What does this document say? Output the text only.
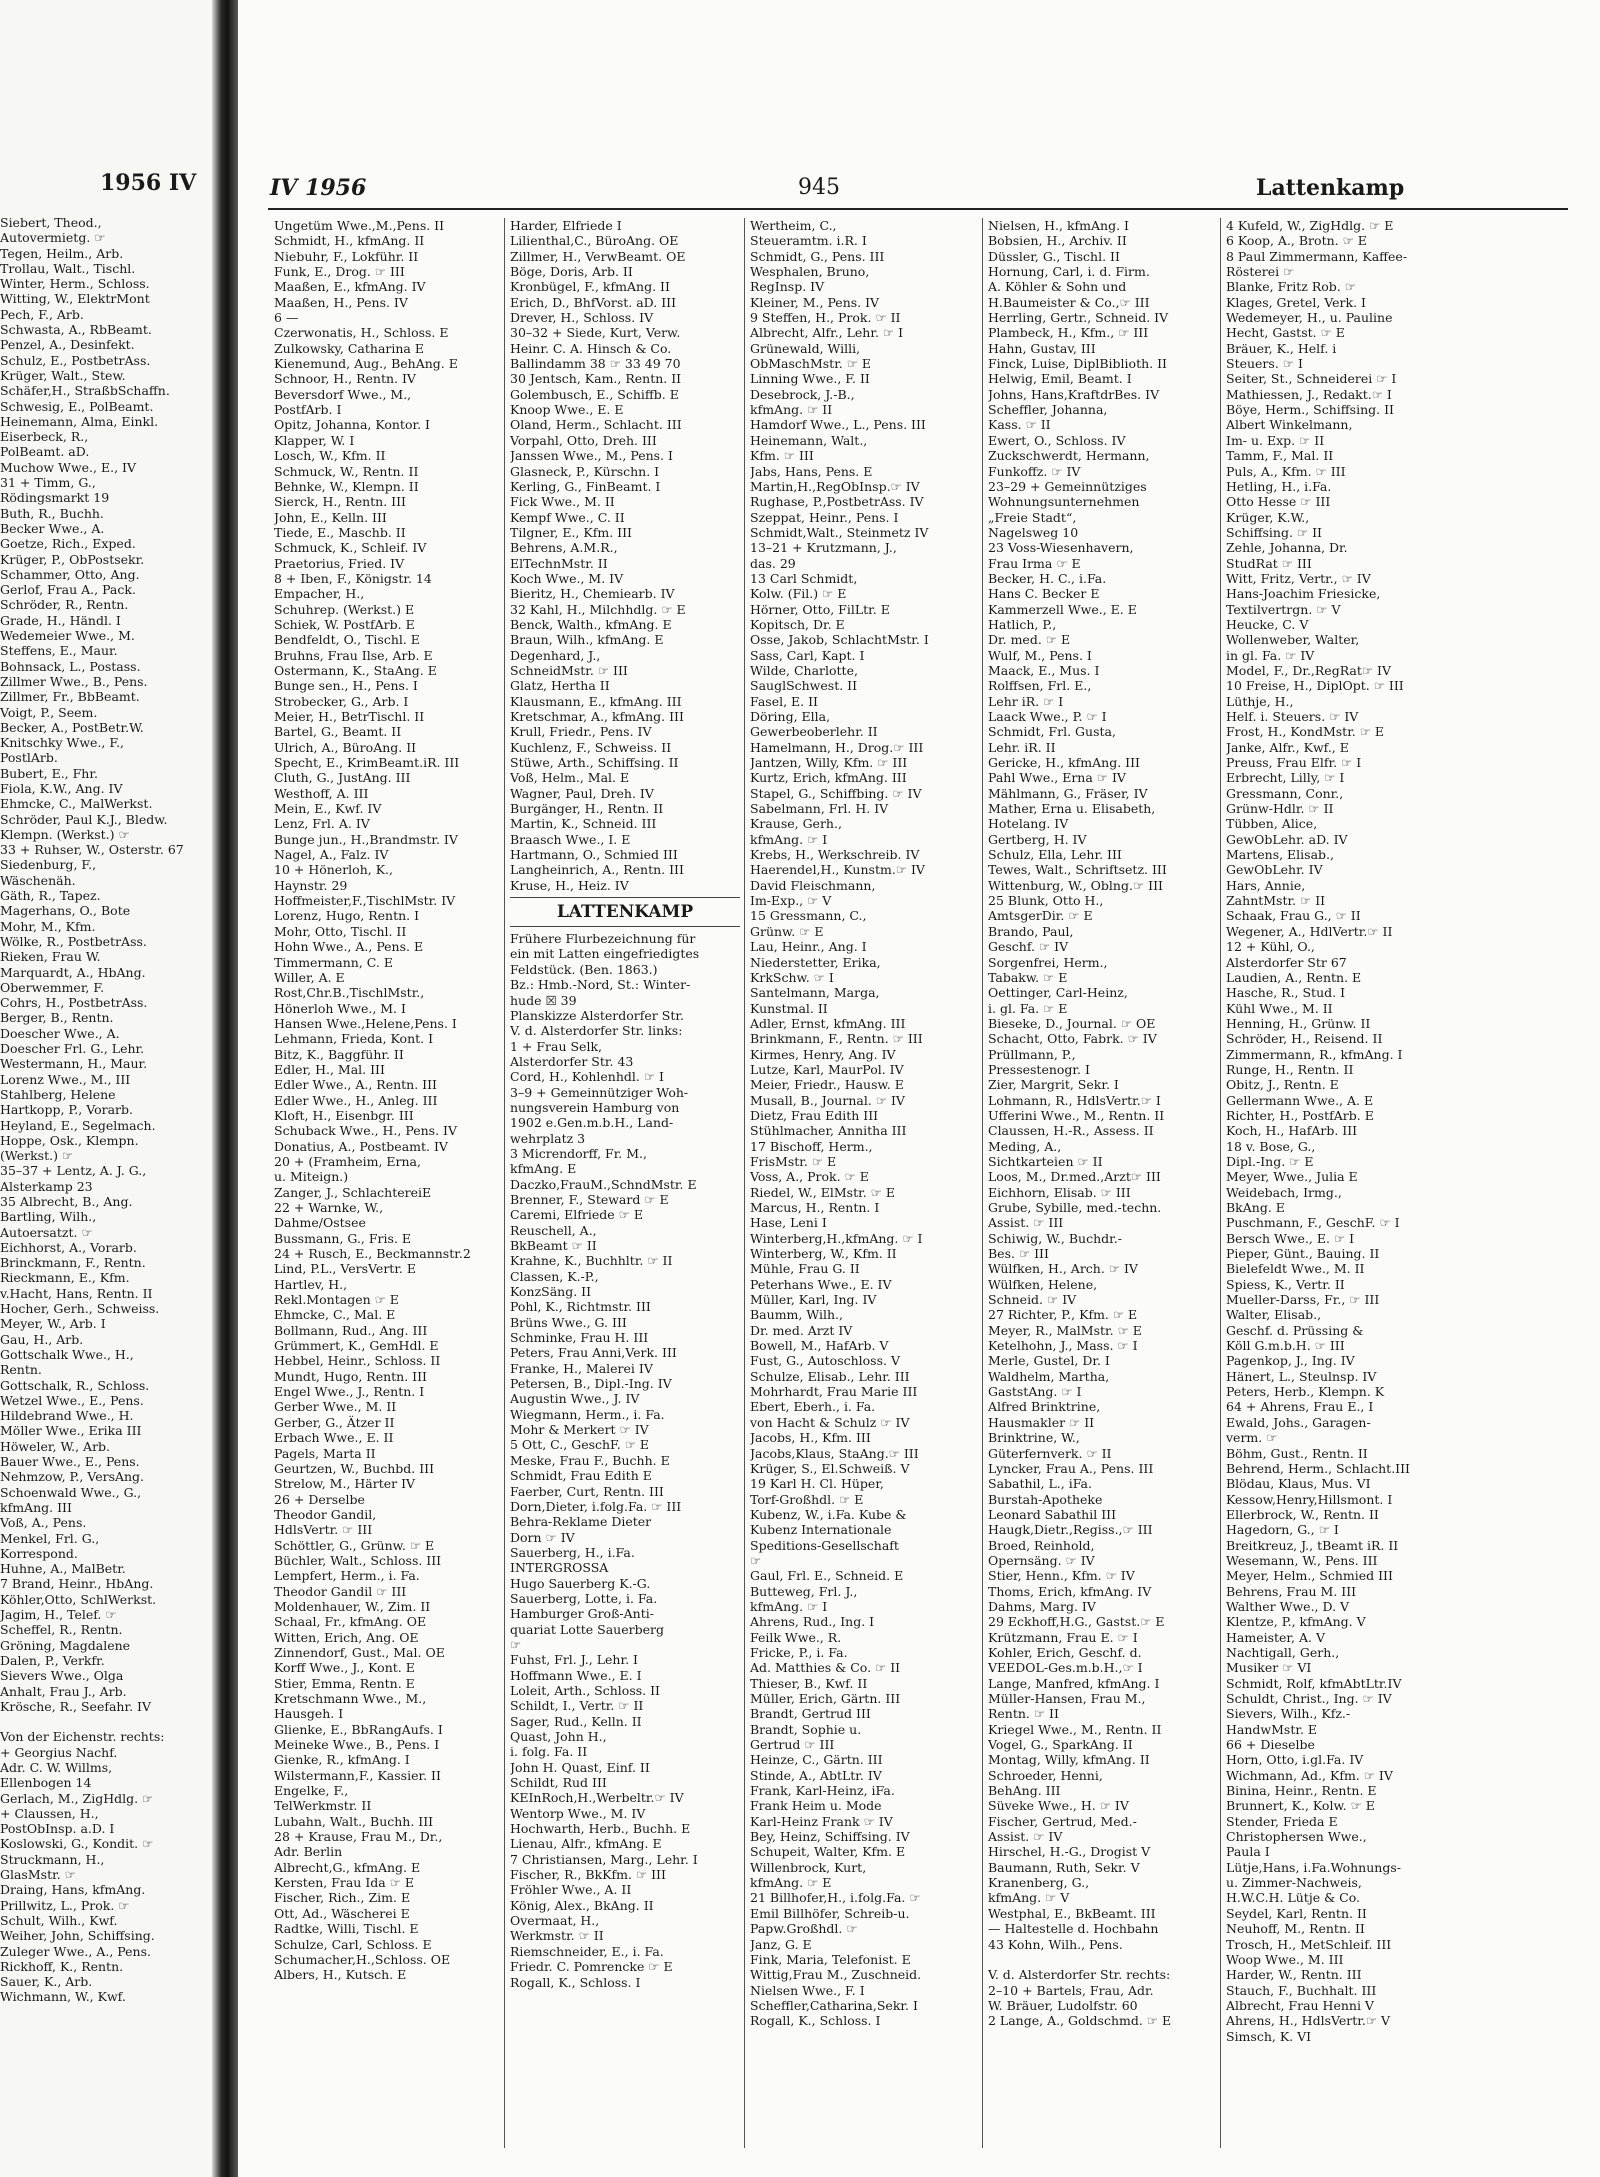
1956 IV
Siebert, Theod.,
Autovermietg. ☞
Tegen, Heilm., Arb.
Trollau, Walt., Tischl.
Winter, Herm., Schloss.
Witting, W., ElektrMont
Pech, F., Arb.
Schwasta, A., RbBeamt.
Penzel, A., Desinfekt.
Schulz, E., PostbetrAss.
Krüger, Walt., Stew.
Schäfer,H., StraßbSchaffn.
Schwesig, E., PolBeamt.
Heinemann, Alma, Einkl.
Eiserbeck, R.,
PolBeamt. aD.
Muchow Wwe., E., IV
31 + Timm, G.,
Rödingsmarkt 19
Buth, R., Buchh.
Becker Wwe., A.
Goetze, Rich., Exped.
Krüger, P., ObPostsekr.
Schammer, Otto, Ang.
Gerlof, Frau A., Pack.
Schröder, R., Rentn.
Grade, H., Händl. I
Wedemeier Wwe., M.
Steffens, E., Maur.
Bohnsack, L., Postass.
Zillmer Wwe., B., Pens.
Zillmer, Fr., BbBeamt.
Voigt, P., Seem.
Becker, A., PostBetr.W.
Knitschky Wwe., F.,
PostlArb.
Bubert, E., Fhr.
Fiola, K.W., Ang. IV
Ehmcke, C., MalWerkst.
Schröder, Paul K.J., Bledw.
Klempn. (Werkst.) ☞
33 + Ruhser, W., Osterstr. 67
Siedenburg, F.,
Wäschenäh.
Gäth, R., Tapez.
Magerhans, O., Bote
Mohr, M., Kfm.
Wölke, R., PostbetrAss.
Rieken, Frau W.
Marquardt, A., HbAng.
Oberwemmer, F.
Cohrs, H., PostbetrAss.
Berger, B., Rentn.
Doescher Wwe., A.
Doescher Frl. G., Lehr.
Westermann, H., Maur.
Lorenz Wwe., M., III
Stahlberg, Helene
Hartkopp, P., Vorarb.
Heyland, E., Segelmach.
Hoppe, Osk., Klempn.
(Werkst.) ☞
35–37 + Lentz, A. J. G.,
Alsterkamp 23
35 Albrecht, B., Ang.
Bartling, Wilh.,
Autoersatzt. ☞
Eichhorst, A., Vorarb.
Brinckmann, F., Rentn.
Rieckmann, E., Kfm.
v.Hacht, Hans, Rentn. II
Hocher, Gerh., Schweiss.
Meyer, W., Arb. I
Gau, H., Arb.
Gottschalk Wwe., H.,
Rentn.
Gottschalk, R., Schloss.
Wetzel Wwe., E., Pens.
Hildebrand Wwe., H.
Möller Wwe., Erika III
Höweler, W., Arb.
Bauer Wwe., E., Pens.
Nehmzow, P., VersAng.
Schoenwald Wwe., G.,
kfmAng. III
Voß, A., Pens.
Menkel, Frl. G.,
Korrespond.
Huhne, A., MalBetr.
7 Brand, Heinr., HbAng.
Köhler,Otto, SchlWerkst.
Jagim, H., Telef. ☞
Scheffel, R., Rentn.
Gröning, Magdalene
Dalen, P., Verkfr.
Sievers Wwe., Olga
Anhalt, Frau J., Arb.
Krösche, R., Seefahr. IV

Von der Eichenstr. rechts:
+ Georgius Nachf.
Adr. C. W. Willms,
Ellenbogen 14
Gerlach, M., ZigHdlg. ☞
+ Claussen, H.,
PostObInsp. a.D. I
Koslowski, G., Kondit. ☞
Struckmann, H.,
GlasMstr. ☞
Draing, Hans, kfmAng.
Prillwitz, L., Prok. ☞
Schult, Wilh., Kwf.
Weiher, John, Schiffsing.
Zuleger Wwe., A., Pens.
Rickhoff, K., Rentn.
Sauer, K., Arb.
Wichmann, W., Kwf.
IV 1956	945	Lattenkamp
Ungetüm Wwe.,M.,Pens. II
Schmidt, H., kfmAng. II
Niebuhr, F., Lokführ. II
Funk, E., Drog. ☞ III
Maaßen, E., kfmAng. IV
Maaßen, H., Pens. IV
6 —
Czerwonatis, H., Schloss. E
Zulkowsky, Catharina E
Kienemund, Aug., BehAng. E
Schnoor, H., Rentn. IV
Beversdorf Wwe., M.,
PostfArb. I
Opitz, Johanna, Kontor. I
Klapper, W. I
Losch, W., Kfm. II
Schmuck, W., Rentn. II
Behnke, W., Klempn. II
Sierck, H., Rentn. III
John, E., Kelln. III
Tiede, E., Maschb. II
Schmuck, K., Schleif. IV
Praetorius, Fried. IV
8 + Iben, F., Königstr. 14
Empacher, H.,
Schuhrep. (Werkst.) E
Schiek, W. PostfArb. E
Bendfeldt, O., Tischl. E
Bruhns, Frau Ilse, Arb. E
Ostermann, K., StaAng. E
Bunge sen., H., Pens. I
Strobecker, G., Arb. I
Meier, H., BetrTischl. II
Bartel, G., Beamt. II
Ulrich, A., BüroAng. II
Specht, E., KrimBeamt.iR. III
Cluth, G., JustAng. III
Westhoff, A. III
Mein, E., Kwf. IV
Lenz, Frl. A. IV
Bunge jun., H.,Brandmstr. IV
Nagel, A., Falz. IV
10 + Hönerloh, K.,
Haynstr. 29
Hoffmeister,F.,TischlMstr. IV
Lorenz, Hugo, Rentn. I
Mohr, Otto, Tischl. II
Hohn Wwe., A., Pens. E
Timmermann, C. E
Willer, A. E
Rost,Chr.B.,TischlMstr.,
Hönerloh Wwe., M. I
Hansen Wwe.,Helene,Pens. I
Lehmann, Frieda, Kont. I
Bitz, K., Baggführ. II
Edler, H., Mal. III
Edler Wwe., A., Rentn. III
Edler Wwe., H., Anleg. III
Kloft, H., Eisenbgr. III
Schuback Wwe., H., Pens. IV
Donatius, A., Postbeamt. IV
20 + (Framheim, Erna,
u. Miteign.)
Zanger, J., SchlachtereiE
22 + Warnke, W.,
Dahme/Ostsee
Bussmann, G., Fris. E
24 + Rusch, E., Beckmannstr.2
Lind, P.L., VersVertr. E
Hartlev, H.,
Rekl.Montagen ☞ E
Ehmcke, C., Mal. E
Bollmann, Rud., Ang. III
Grümmert, K., GemHdl. E
Hebbel, Heinr., Schloss. II
Mundt, Hugo, Rentn. III
Engel Wwe., J., Rentn. I
Gerber Wwe., M. II
Gerber, G., Ätzer II
Erbach Wwe., E. II
Pagels, Marta II
Geurtzen, W., Buchbd. III
Strelow, M., Härter IV
26 + Derselbe
Theodor Gandil,
HdlsVertr. ☞ III
Schöttler, G., Grünw. ☞ E
Büchler, Walt., Schloss. III
Lempfert, Herm., i. Fa.
Theodor Gandil ☞ III
Moldenhauer, W., Zim. II
Schaal, Fr., kfmAng. OE
Witten, Erich, Ang. OE
Zinnendorf, Gust., Mal. OE
Korff Wwe., J., Kont. E
Stier, Emma, Rentn. E
Kretschmann Wwe., M.,
Hausgeh. I
Glienke, E., BbRangAufs. I
Meineke Wwe., B., Pens. I
Gienke, R., kfmAng. I
Wilstermann,F., Kassier. II
Engelke, F.,
TelWerkmstr. II
Lubahn, Walt., Buchh. III
28 + Krause, Frau M., Dr.,
Adr. Berlin
Albrecht,G., kfmAng. E
Kersten, Frau Ida ☞ E
Fischer, Rich., Zim. E
Ott, Ad., Wäscherei E
Radtke, Willi, Tischl. E
Schulze, Carl, Schloss. E
Schumacher,H.,Schloss. OE
Albers, H., Kutsch. E
Harder, Elfriede I
Lilienthal,C., BüroAng. OE
Zillmer, H., VerwBeamt. OE
Böge, Doris, Arb. II
Kronbügel, F., kfmAng. II
Erich, D., BhfVorst. aD. III
Drever, H., Schloss. IV
30–32 + Siede, Kurt, Verw.
Heinr. C. A. Hinsch & Co.
Ballindamm 38 ☞ 33 49 70
30 Jentsch, Kam., Rentn. II
Golembusch, E., Schiffb. E
Knoop Wwe., E. E
Oland, Herm., Schlacht. III
Vorpahl, Otto, Dreh. III
Janssen Wwe., M., Pens. I
Glasneck, P., Kürschn. I
Kerling, G., FinBeamt. I
Fick Wwe., M. II
Kempf Wwe., C. II
Tilgner, E., Kfm. III
Behrens, A.M.R.,
ElTechnMstr. II
Koch Wwe., M. IV
Bieritz, H., Chemiearb. IV
32 Kahl, H., Milchhdlg. ☞ E
Benck, Walth., kfmAng. E
Braun, Wilh., kfmAng. E
Degenhard, J.,
SchneidMstr. ☞ III
Glatz, Hertha II
Klausmann, E., kfmAng. III
Kretschmar, A., kfmAng. III
Krull, Friedr., Pens. IV
Kuchlenz, F., Schweiss. II
Stüwe, Arth., Schiffsing. II
Voß, Helm., Mal. E
Wagner, Paul, Dreh. IV
Burgänger, H., Rentn. II
Martin, K., Schneid. III
Braasch Wwe., I. E
Hartmann, O., Schmied III
Langheinrich, A., Rentn. III
Kruse, H., Heiz. IV
LATTENKAMP
Frühere Flurbezeichnung für
ein mit Latten eingefriedigtes
Feldstück. (Ben. 1863.)
Bz.: Hmb.-Nord, St.: Winter-
hude ☒ 39
Planskizze Alsterdorfer Str.
V. d. Alsterdorfer Str. links:
1 + Frau Selk,
Alsterdorfer Str. 43
Cord, H., Kohlenhdl. ☞ I
3–9 + Gemeinnütziger Woh-
nungsverein Hamburg von
1902 e.Gen.m.b.H., Land-
wehrplatz 3
3 Micrendorff, Fr. M.,
kfmAng. E
Daczko,FrauM.,SchndMstr. E
Brenner, F., Steward ☞ E
Caremi, Elfriede ☞ E
Reuschell, A.,
BkBeamt ☞ II
Krahne, K., Buchhltr. ☞ II
Classen, K.-P.,
KonzSäng. II
Pohl, K., Richtmstr. III
Brüns Wwe., G. III
Schminke, Frau H. III
Peters, Frau Anni,Verk. III
Franke, H., Malerei IV
Petersen, B., Dipl.-Ing. IV
Augustin Wwe., J. IV
Wiegmann, Herm., i. Fa.
Mohr & Merkert ☞ IV
5 Ott, C., GeschF. ☞ E
Meske, Frau F., Buchh. E
Schmidt, Frau Edith E
Faerber, Curt, Rentn. III
Dorn,Dieter, i.folg.Fa. ☞ III
Behra-Reklame Dieter
Dorn ☞ IV
Sauerberg, H., i.Fa.
INTERGROSSA
Hugo Sauerberg K.-G.
Sauerberg, Lotte, i. Fa.
Hamburger Groß-Anti-
quariat Lotte Sauerberg
☞
Fuhst, Frl. J., Lehr. I
Hoffmann Wwe., E. I
Loleit, Arth., Schloss. II
Schildt, I., Vertr. ☞ II
Sager, Rud., Kelln. II
Quast, John H.,
i. folg. Fa. II
John H. Quast, Einf. II
Schildt, Rud III
KEInRoch,H.,Werbeltr.☞ IV
Wentorp Wwe., M. IV
Hochwarth, Herb., Buchh. E
Lienau, Alfr., kfmAng. E
7 Christiansen, Marg., Lehr. I
Fischer, R., BkKfm. ☞ III
Fröhler Wwe., A. II
König, Alex., BkAng. II
Overmaat, H.,
Werkmstr. ☞ II
Riemschneider, E., i. Fa.
Friedr. C. Pomrencke ☞ E
Rogall, K., Schloss. I
Wertheim, C.,
Steueramtm. i.R. I
Schmidt, G., Pens. III
Wesphalen, Bruno,
RegInsp. IV
Kleiner, M., Pens. IV
9 Steffen, H., Prok. ☞ II
Albrecht, Alfr., Lehr. ☞ I
Grünewald, Willi,
ObMaschMstr. ☞ E
Linning Wwe., F. II
Desebrock, J.-B.,
kfmAng. ☞ II
Hamdorf Wwe., L., Pens. III
Heinemann, Walt.,
Kfm. ☞ III
Jabs, Hans, Pens. E
Martin,H.,RegObInsp.☞ IV
Rughase, P.,PostbetrAss. IV
Szeppat, Heinr., Pens. I
Schmidt,Walt., Steinmetz IV
13–21 + Krutzmann, J.,
das. 29
13 Carl Schmidt,
Kolw. (Fil.) ☞ E
Hörner, Otto, FilLtr. E
Kopitsch, Dr. E
Osse, Jakob, SchlachtMstr. I
Sass, Carl, Kapt. I
Wilde, Charlotte,
SauglSchwest. II
Fasel, E. II
Döring, Ella,
Gewerbeoberlehr. II
Hamelmann, H., Drog.☞ III
Jantzen, Willy, Kfm. ☞ III
Kurtz, Erich, kfmAng. III
Stapel, G., Schiffbing. ☞ IV
Sabelmann, Frl. H. IV
Krause, Gerh.,
kfmAng. ☞ I
Krebs, H., Werkschreib. IV
Haerendel,H., Kunstm.☞ IV
David Fleischmann,
Im-Exp., ☞ V
15 Gressmann, C.,
Grünw. ☞ E
Lau, Heinr., Ang. I
Niederstetter, Erika,
KrkSchw. ☞ I
Santelmann, Marga,
Kunstmal. II
Adler, Ernst, kfmAng. III
Brinkmann, F., Rentn. ☞ III
Kirmes, Henry, Ang. IV
Lutze, Karl, MaurPol. IV
Meier, Friedr., Hausw. E
Musall, B., Journal. ☞ IV
Dietz, Frau Edith III
Stühlmacher, Annitha III
17 Bischoff, Herm.,
FrisMstr. ☞ E
Voss, A., Prok. ☞ E
Riedel, W., ElMstr. ☞ E
Marcus, H., Rentn. I
Hase, Leni I
Winterberg,H.,kfmAng. ☞ I
Winterberg, W., Kfm. II
Mühle, Frau G. II
Peterhans Wwe., E. IV
Müller, Karl, Ing. IV
Baumm, Wilh.,
Dr. med. Arzt IV
Bowell, M., HafArb. V
Fust, G., Autoschloss. V
Schulze, Elisab., Lehr. III
Mohrhardt, Frau Marie III
Ebert, Eberh., i. Fa.
von Hacht & Schulz ☞ IV
Jacobs, H., Kfm. III
Jacobs,Klaus, StaAng.☞ III
Krüger, S., El.Schweiß. V
19 Karl H. Cl. Hüper,
Torf-Großhdl. ☞ E
Kubenz, W., i.Fa. Kube &
Kubenz Internationale
Speditions-Gesellschaft
☞
Gaul, Frl. E., Schneid. E
Butteweg, Frl. J.,
kfmAng. ☞ I
Ahrens, Rud., Ing. I
Feilk Wwe., R.
Fricke, P., i. Fa.
Ad. Matthies & Co. ☞ II
Thieser, B., Kwf. II
Müller, Erich, Gärtn. III
Brandt, Gertrud III
Brandt, Sophie u.
Gertrud ☞ III
Heinze, C., Gärtn. III
Stinde, A., AbtLtr. IV
Frank, Karl-Heinz, iFa.
Frank Heim u. Mode
Karl-Heinz Frank ☞ IV
Bey, Heinz, Schiffsing. IV
Schupeit, Walter, Kfm. E
Willenbrock, Kurt,
kfmAng. ☞ E
21 Billhofer,H., i.folg.Fa. ☞
Emil Billhöfer, Schreib-u.
Papw.Großhdl. ☞
Janz, G. E
Fink, Maria, Telefonist. E
Wittig,Frau M., Zuschneid.
Nielsen Wwe., F. I
Scheffler,Catharina,Sekr. I
Rogall, K., Schloss. I
Nielsen, H., kfmAng. I
Bobsien, H., Archiv. II
Düssler, G., Tischl. II
Hornung, Carl, i. d. Firm.
A. Köhler & Sohn und
H.Baumeister & Co.,☞ III
Herrling, Gertr., Schneid. IV
Plambeck, H., Kfm., ☞ III
Hahn, Gustav, III
Finck, Luise, DiplBiblioth. II
Helwig, Emil, Beamt. I
Johns, Hans,KraftdrBes. IV
Scheffler, Johanna,
Kass. ☞ II
Ewert, O., Schloss. IV
Zuckschwerdt, Hermann,
Funkoffz. ☞ IV
23–29 + Gemeinnütziges
Wohnungsunternehmen
„Freie Stadt“,
Nagelsweg 10
23 Voss-Wiesenhavern,
Frau Irma ☞ E
Becker, H. C., i.Fa.
Hans C. Becker E
Kammerzell Wwe., E. E
Hatlich, P.,
Dr. med. ☞ E
Wulf, M., Pens. I
Maack, E., Mus. I
Rolffsen, Frl. E.,
Lehr iR. ☞ I
Laack Wwe., P. ☞ I
Schmidt, Frl. Gusta,
Lehr. iR. II
Gericke, H., kfmAng. III
Pahl Wwe., Erna ☞ IV
Mählmann, G., Fräser, IV
Mather, Erna u. Elisabeth,
Hotelang. IV
Gertberg, H. IV
Schulz, Ella, Lehr. III
Tewes, Walt., Schriftsetz. III
Wittenburg, W., Oblng.☞ III
25 Blunk, Otto H.,
AmtsgerDir. ☞ E
Brando, Paul,
Geschf. ☞ IV
Sorgenfrei, Herm.,
Tabakw. ☞ E
Oettinger, Carl-Heinz,
i. gl. Fa. ☞ E
Bieseke, D., Journal. ☞ OE
Schacht, Otto, Fabrk. ☞ IV
Prüllmann, P.,
Pressestenogr. I
Zier, Margrit, Sekr. I
Lohmann, R., HdlsVertr.☞ I
Ufferini Wwe., M., Rentn. II
Claussen, H.-R., Assess. II
Meding, A.,
Sichtkarteien ☞ II
Loos, M., Dr.med.,Arzt☞ III
Eichhorn, Elisab. ☞ III
Grube, Sybille, med.-techn.
Assist. ☞ III
Schiwig, W., Buchdr.-
Bes. ☞ III
Wülfken, H., Arch. ☞ IV
Wülfken, Helene,
Schneid. ☞ IV
27 Richter, P., Kfm. ☞ E
Meyer, R., MalMstr. ☞ E
Ketelhohn, J., Mass. ☞ I
Merle, Gustel, Dr. I
Waldhelm, Martha,
GaststAng. ☞ I
Alfred Brinktrine,
Hausmakler ☞ II
Brinktrine, W.,
Güterfernverk. ☞ II
Lyncker, Frau A., Pens. III
Sabathil, L., iFa.
Burstah-Apotheke
Leonard Sabathil III
Haugk,Dietr.,Regiss.,☞ III
Broed, Reinhold,
Opernsäng. ☞ IV
Stier, Henn., Kfm. ☞ IV
Thoms, Erich, kfmAng. IV
Dahms, Marg. IV
29 Eckhoff,H.G., Gastst.☞ E
Krützmann, Frau E. ☞ I
Kohler, Erich, Geschf. d.
VEEDOL-Ges.m.b.H.,☞ I
Lange, Manfred, kfmAng. I
Müller-Hansen, Frau M.,
Rentn. ☞ II
Kriegel Wwe., M., Rentn. II
Vogel, G., SparkAng. II
Montag, Willy, kfmAng. II
Schroeder, Henni,
BehAng. III
Süveke Wwe., H. ☞ IV
Fischer, Gertrud, Med.-
Assist. ☞ IV
Hirschel, H.-G., Drogist V
Baumann, Ruth, Sekr. V
Kranenberg, G.,
kfmAng. ☞ V
Westphal, E., BkBeamt. III
— Haltestelle d. Hochbahn
43 Kohn, Wilh., Pens.

V. d. Alsterdorfer Str. rechts:
2–10 + Bartels, Frau, Adr.
W. Bräuer, Ludolfstr. 60
2 Lange, A., Goldschmd. ☞ E
4 Kufeld, W., ZigHdlg. ☞ E
6 Koop, A., Brotn. ☞ E
8 Paul Zimmermann, Kaffee-
Rösterei ☞
Blanke, Fritz Rob. ☞
Klages, Gretel, Verk. I
Wedemeyer, H., u. Pauline
Hecht, Gastst. ☞ E
Bräuer, K., Helf. i
Steuers. ☞ I
Seiter, St., Schneiderei ☞ I
Mathiessen, J., Redakt.☞ I
Böye, Herm., Schiffsing. II
Albert Winkelmann,
Im- u. Exp. ☞ II
Tamm, F., Mal. II
Puls, A., Kfm. ☞ III
Hetling, H., i.Fa.
Otto Hesse ☞ III
Krüger, K.W.,
Schiffsing. ☞ II
Zehle, Johanna, Dr.
StudRat ☞ III
Witt, Fritz, Vertr., ☞ IV
Hans-Joachim Friesicke,
Textilvertrgn. ☞ V
Heucke, C. V
Wollenweber, Walter,
in gl. Fa. ☞ IV
Model, F., Dr.,RegRat☞ IV
10 Freise, H., DiplOpt. ☞ III
Lüthje, H.,
Helf. i. Steuers. ☞ IV
Frost, H., KondMstr. ☞ E
Janke, Alfr., Kwf., E
Preuss, Frau Elfr. ☞ I
Erbrecht, Lilly, ☞ I
Gressmann, Conr.,
Grünw-Hdlr. ☞ II
Tübben, Alice,
GewObLehr. aD. IV
Martens, Elisab.,
GewObLehr. IV
Hars, Annie,
ZahntMstr. ☞ II
Schaak, Frau G., ☞ II
Wegener, A., HdlVertr.☞ II
12 + Kühl, O.,
Alsterdorfer Str 67
Laudien, A., Rentn. E
Hasche, R., Stud. I
Kühl Wwe., M. II
Henning, H., Grünw. II
Schröder, H., Reisend. II
Zimmermann, R., kfmAng. I
Runge, H., Rentn. II
Obitz, J., Rentn. E
Gellermann Wwe., A. E
Richter, H., PostfArb. E
Koch, H., HafArb. III
18 v. Bose, G.,
Dipl.-Ing. ☞ E
Meyer, Wwe., Julia E
Weidebach, Irmg.,
BkAng. E
Puschmann, F., GeschF. ☞ I
Bersch Wwe., E. ☞ I
Pieper, Günt., Bauing. II
Bielefeldt Wwe., M. II
Spiess, K., Vertr. II
Mueller-Darss, Fr., ☞ III
Walter, Elisab.,
Geschf. d. Prüssing &
Köll G.m.b.H. ☞ III
Pagenkop, J., Ing. IV
Hänert, L., Steulnsp. IV
Peters, Herb., Klempn. K
64 + Ahrens, Frau E., I
Ewald, Johs., Garagen-
verm. ☞
Böhm, Gust., Rentn. II
Behrend, Herm., Schlacht.III
Blödau, Klaus, Mus. VI
Kessow,Henry,Hillsmont. I
Ellerbrock, W., Rentn. II
Hagedorn, G., ☞ I
Breitkreuz, J., tBeamt iR. II
Wesemann, W., Pens. III
Meyer, Helm., Schmied III
Behrens, Frau M. III
Walther Wwe., D. V
Klentze, P., kfmAng. V
Hameister, A. V
Nachtigall, Gerh.,
Musiker ☞ VI
Schmidt, Rolf, kfmAbtLtr.IV
Schuldt, Christ., Ing. ☞ IV
Sievers, Wilh., Kfz.-
HandwMstr. E
66 + Dieselbe
Horn, Otto, i.gl.Fa. IV
Wichmann, Ad., Kfm. ☞ IV
Binina, Heinr., Rentn. E
Brunnert, K., Kolw. ☞ E
Stender, Frieda E
Christophersen Wwe.,
Paula I
Lütje,Hans, i.Fa.Wohnungs-
u. Zimmer-Nachweis,
H.W.C.H. Lütje & Co.
Seydel, Karl, Rentn. II
Neuhoff, M., Rentn. II
Trosch, H., MetSchleif. III
Woop Wwe., M. III
Harder, W., Rentn. III
Stauch, F., Buchhalt. III
Albrecht, Frau Henni V
Ahrens, H., HdlsVertr.☞ V
Simsch, K. VI
